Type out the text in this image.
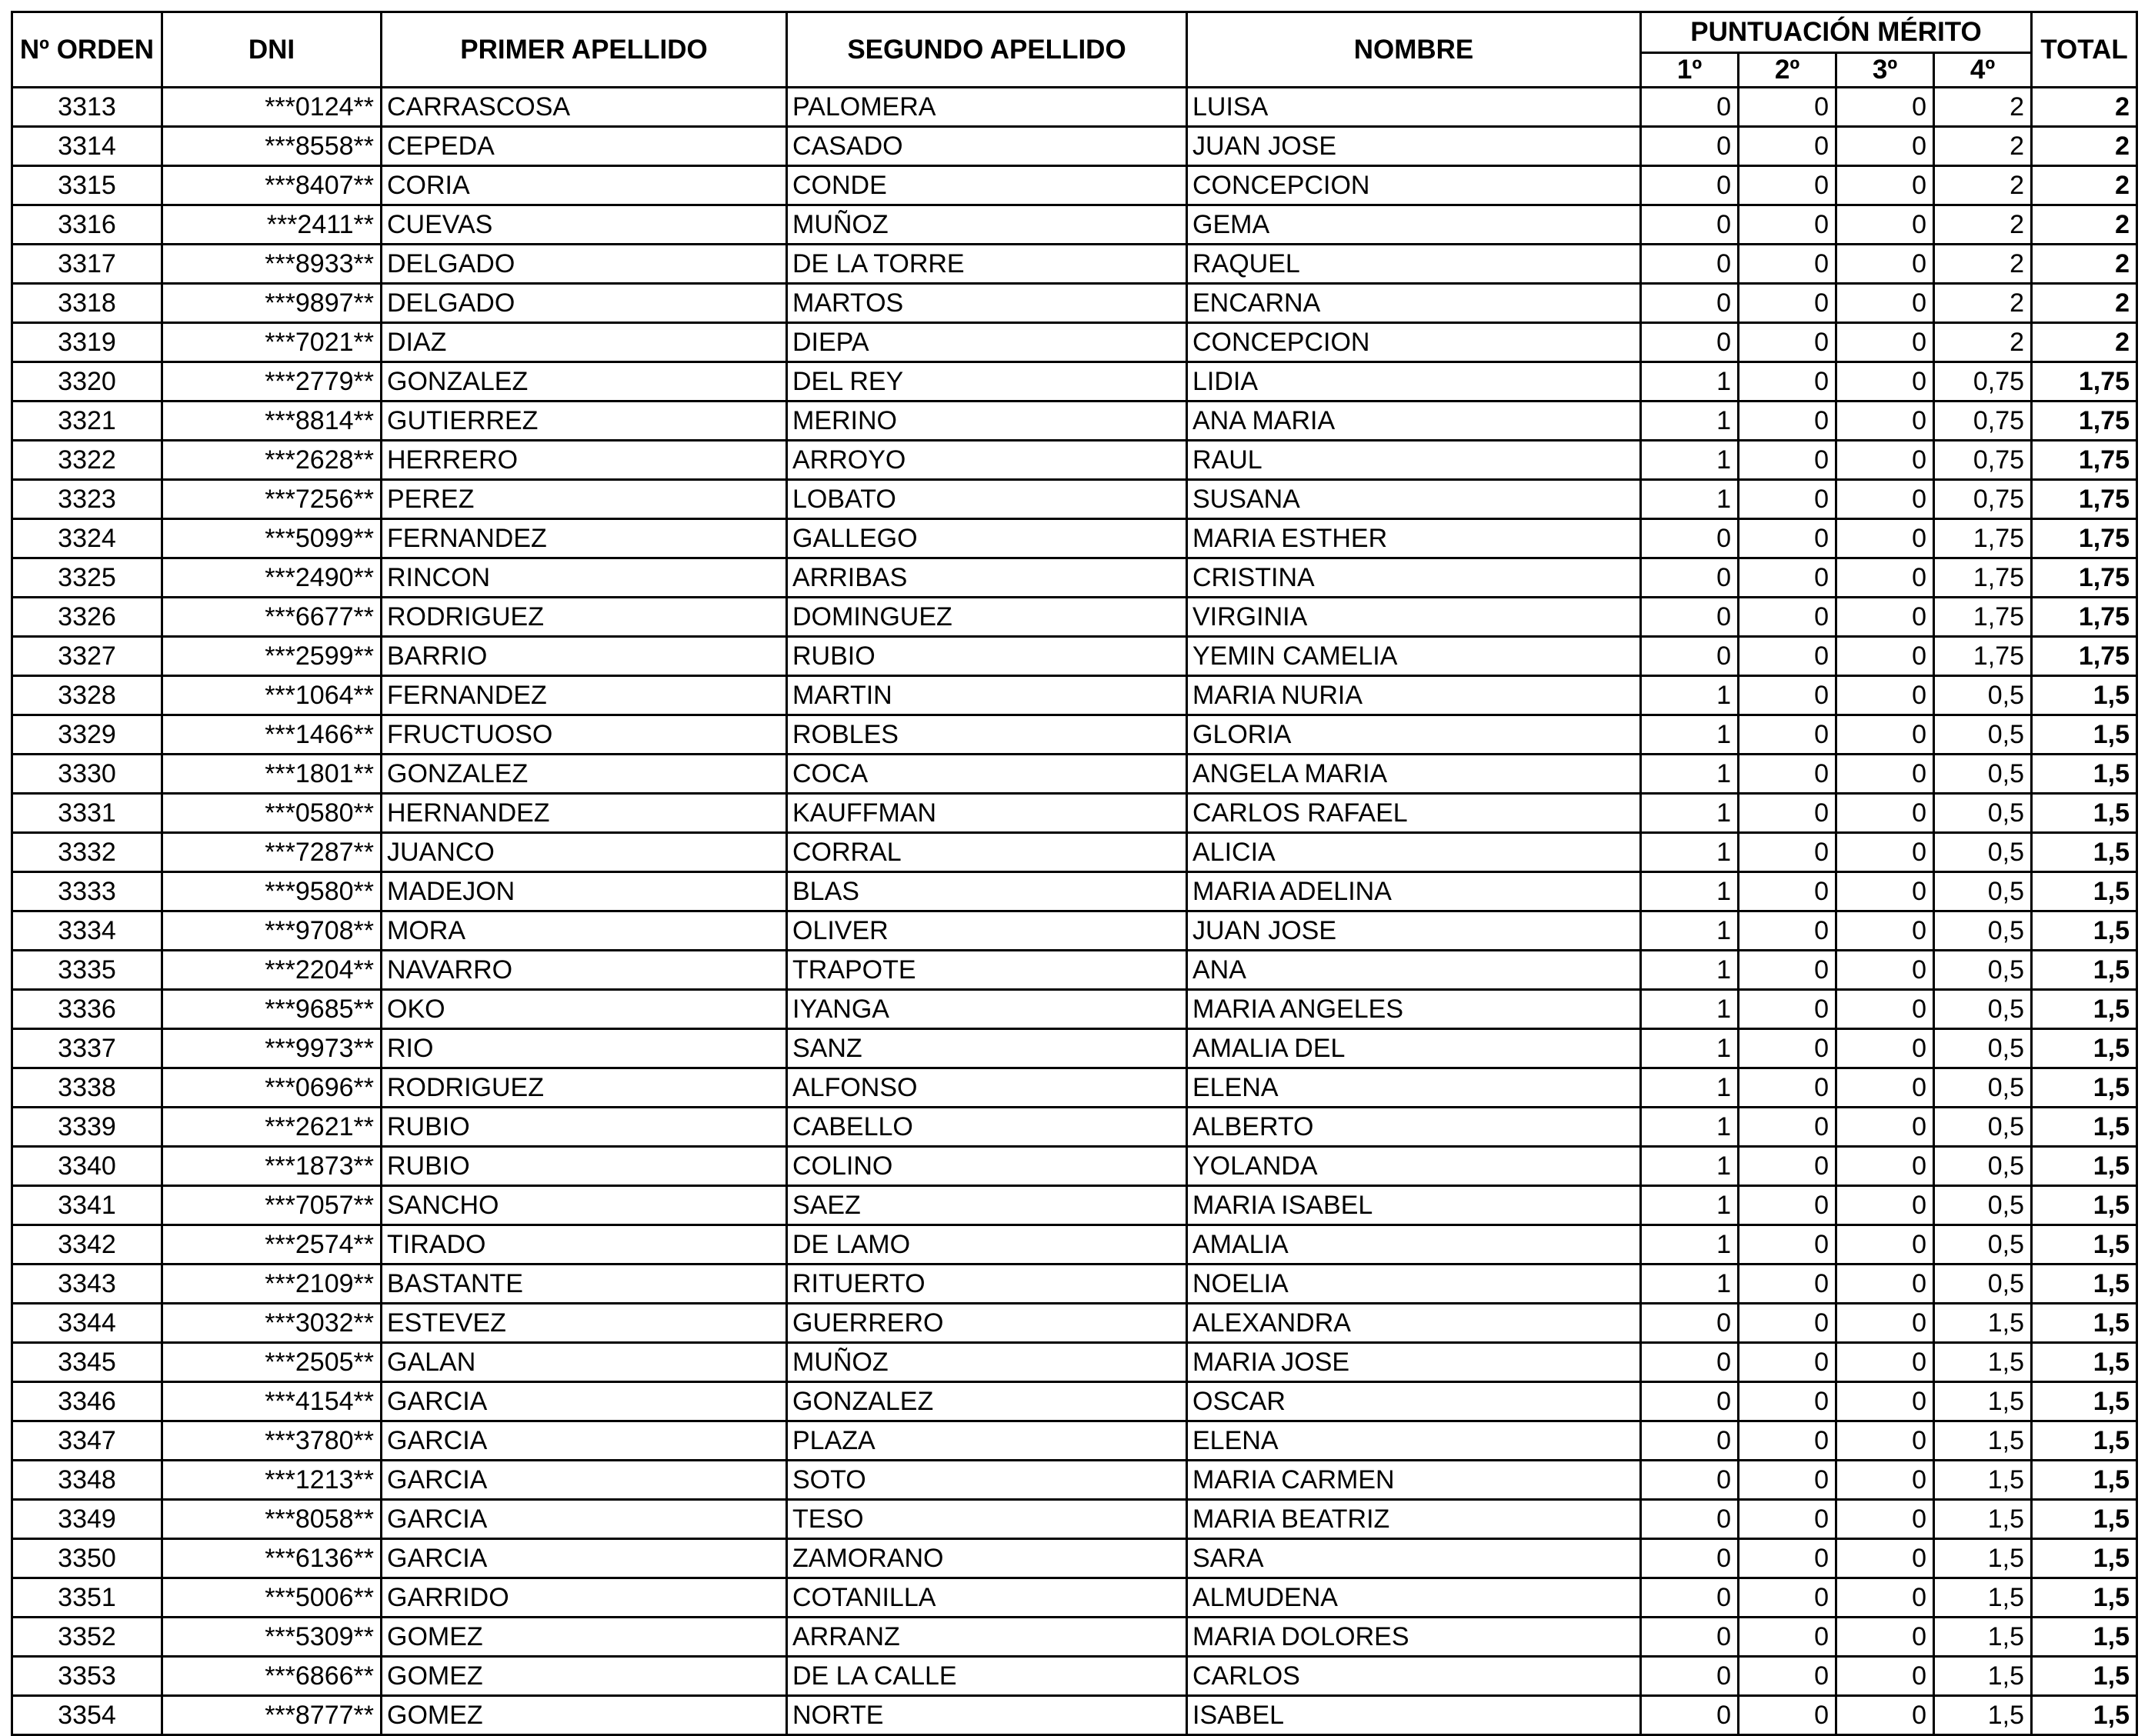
Nº ORDEN	DNI	PRIMER APELLIDO	SEGUNDO APELLIDO	NOMBRE	PUNTUACIÓN MÉRITO				TOTAL
					1º	2º	3º	4º	
3313	***0124**	CARRASCOSA	PALOMERA	LUISA	0	0	0	2	2
3314	***8558**	CEPEDA	CASADO	JUAN JOSE	0	0	0	2	2
3315	***8407**	CORIA	CONDE	CONCEPCION	0	0	0	2	2
3316	***2411**	CUEVAS	MUÑOZ	GEMA	0	0	0	2	2
3317	***8933**	DELGADO	DE LA TORRE	RAQUEL	0	0	0	2	2
3318	***9897**	DELGADO	MARTOS	ENCARNA	0	0	0	2	2
3319	***7021**	DIAZ	DIEPA	CONCEPCION	0	0	0	2	2
3320	***2779**	GONZALEZ	DEL REY	LIDIA	1	0	0	0,75	1,75
3321	***8814**	GUTIERREZ	MERINO	ANA MARIA	1	0	0	0,75	1,75
3322	***2628**	HERRERO	ARROYO	RAUL	1	0	0	0,75	1,75
3323	***7256**	PEREZ	LOBATO	SUSANA	1	0	0	0,75	1,75
3324	***5099**	FERNANDEZ	GALLEGO	MARIA ESTHER	0	0	0	1,75	1,75
3325	***2490**	RINCON	ARRIBAS	CRISTINA	0	0	0	1,75	1,75
3326	***6677**	RODRIGUEZ	DOMINGUEZ	VIRGINIA	0	0	0	1,75	1,75
3327	***2599**	BARRIO	RUBIO	YEMIN CAMELIA	0	0	0	1,75	1,75
3328	***1064**	FERNANDEZ	MARTIN	MARIA NURIA	1	0	0	0,5	1,5
3329	***1466**	FRUCTUOSO	ROBLES	GLORIA	1	0	0	0,5	1,5
3330	***1801**	GONZALEZ	COCA	ANGELA MARIA	1	0	0	0,5	1,5
3331	***0580**	HERNANDEZ	KAUFFMAN	CARLOS RAFAEL	1	0	0	0,5	1,5
3332	***7287**	JUANCO	CORRAL	ALICIA	1	0	0	0,5	1,5
3333	***9580**	MADEJON	BLAS	MARIA ADELINA	1	0	0	0,5	1,5
3334	***9708**	MORA	OLIVER	JUAN JOSE	1	0	0	0,5	1,5
3335	***2204**	NAVARRO	TRAPOTE	ANA	1	0	0	0,5	1,5
3336	***9685**	OKO	IYANGA	MARIA ANGELES	1	0	0	0,5	1,5
3337	***9973**	RIO	SANZ	AMALIA DEL	1	0	0	0,5	1,5
3338	***0696**	RODRIGUEZ	ALFONSO	ELENA	1	0	0	0,5	1,5
3339	***2621**	RUBIO	CABELLO	ALBERTO	1	0	0	0,5	1,5
3340	***1873**	RUBIO	COLINO	YOLANDA	1	0	0	0,5	1,5
3341	***7057**	SANCHO	SAEZ	MARIA ISABEL	1	0	0	0,5	1,5
3342	***2574**	TIRADO	DE LAMO	AMALIA	1	0	0	0,5	1,5
3343	***2109**	BASTANTE	RITUERTO	NOELIA	1	0	0	0,5	1,5
3344	***3032**	ESTEVEZ	GUERRERO	ALEXANDRA	0	0	0	1,5	1,5
3345	***2505**	GALAN	MUÑOZ	MARIA JOSE	0	0	0	1,5	1,5
3346	***4154**	GARCIA	GONZALEZ	OSCAR	0	0	0	1,5	1,5
3347	***3780**	GARCIA	PLAZA	ELENA	0	0	0	1,5	1,5
3348	***1213**	GARCIA	SOTO	MARIA CARMEN	0	0	0	1,5	1,5
3349	***8058**	GARCIA	TESO	MARIA BEATRIZ	0	0	0	1,5	1,5
3350	***6136**	GARCIA	ZAMORANO	SARA	0	0	0	1,5	1,5
3351	***5006**	GARRIDO	COTANILLA	ALMUDENA	0	0	0	1,5	1,5
3352	***5309**	GOMEZ	ARRANZ	MARIA DOLORES	0	0	0	1,5	1,5
3353	***6866**	GOMEZ	DE LA CALLE	CARLOS	0	0	0	1,5	1,5
3354	***8777**	GOMEZ	NORTE	ISABEL	0	0	0	1,5	1,5
